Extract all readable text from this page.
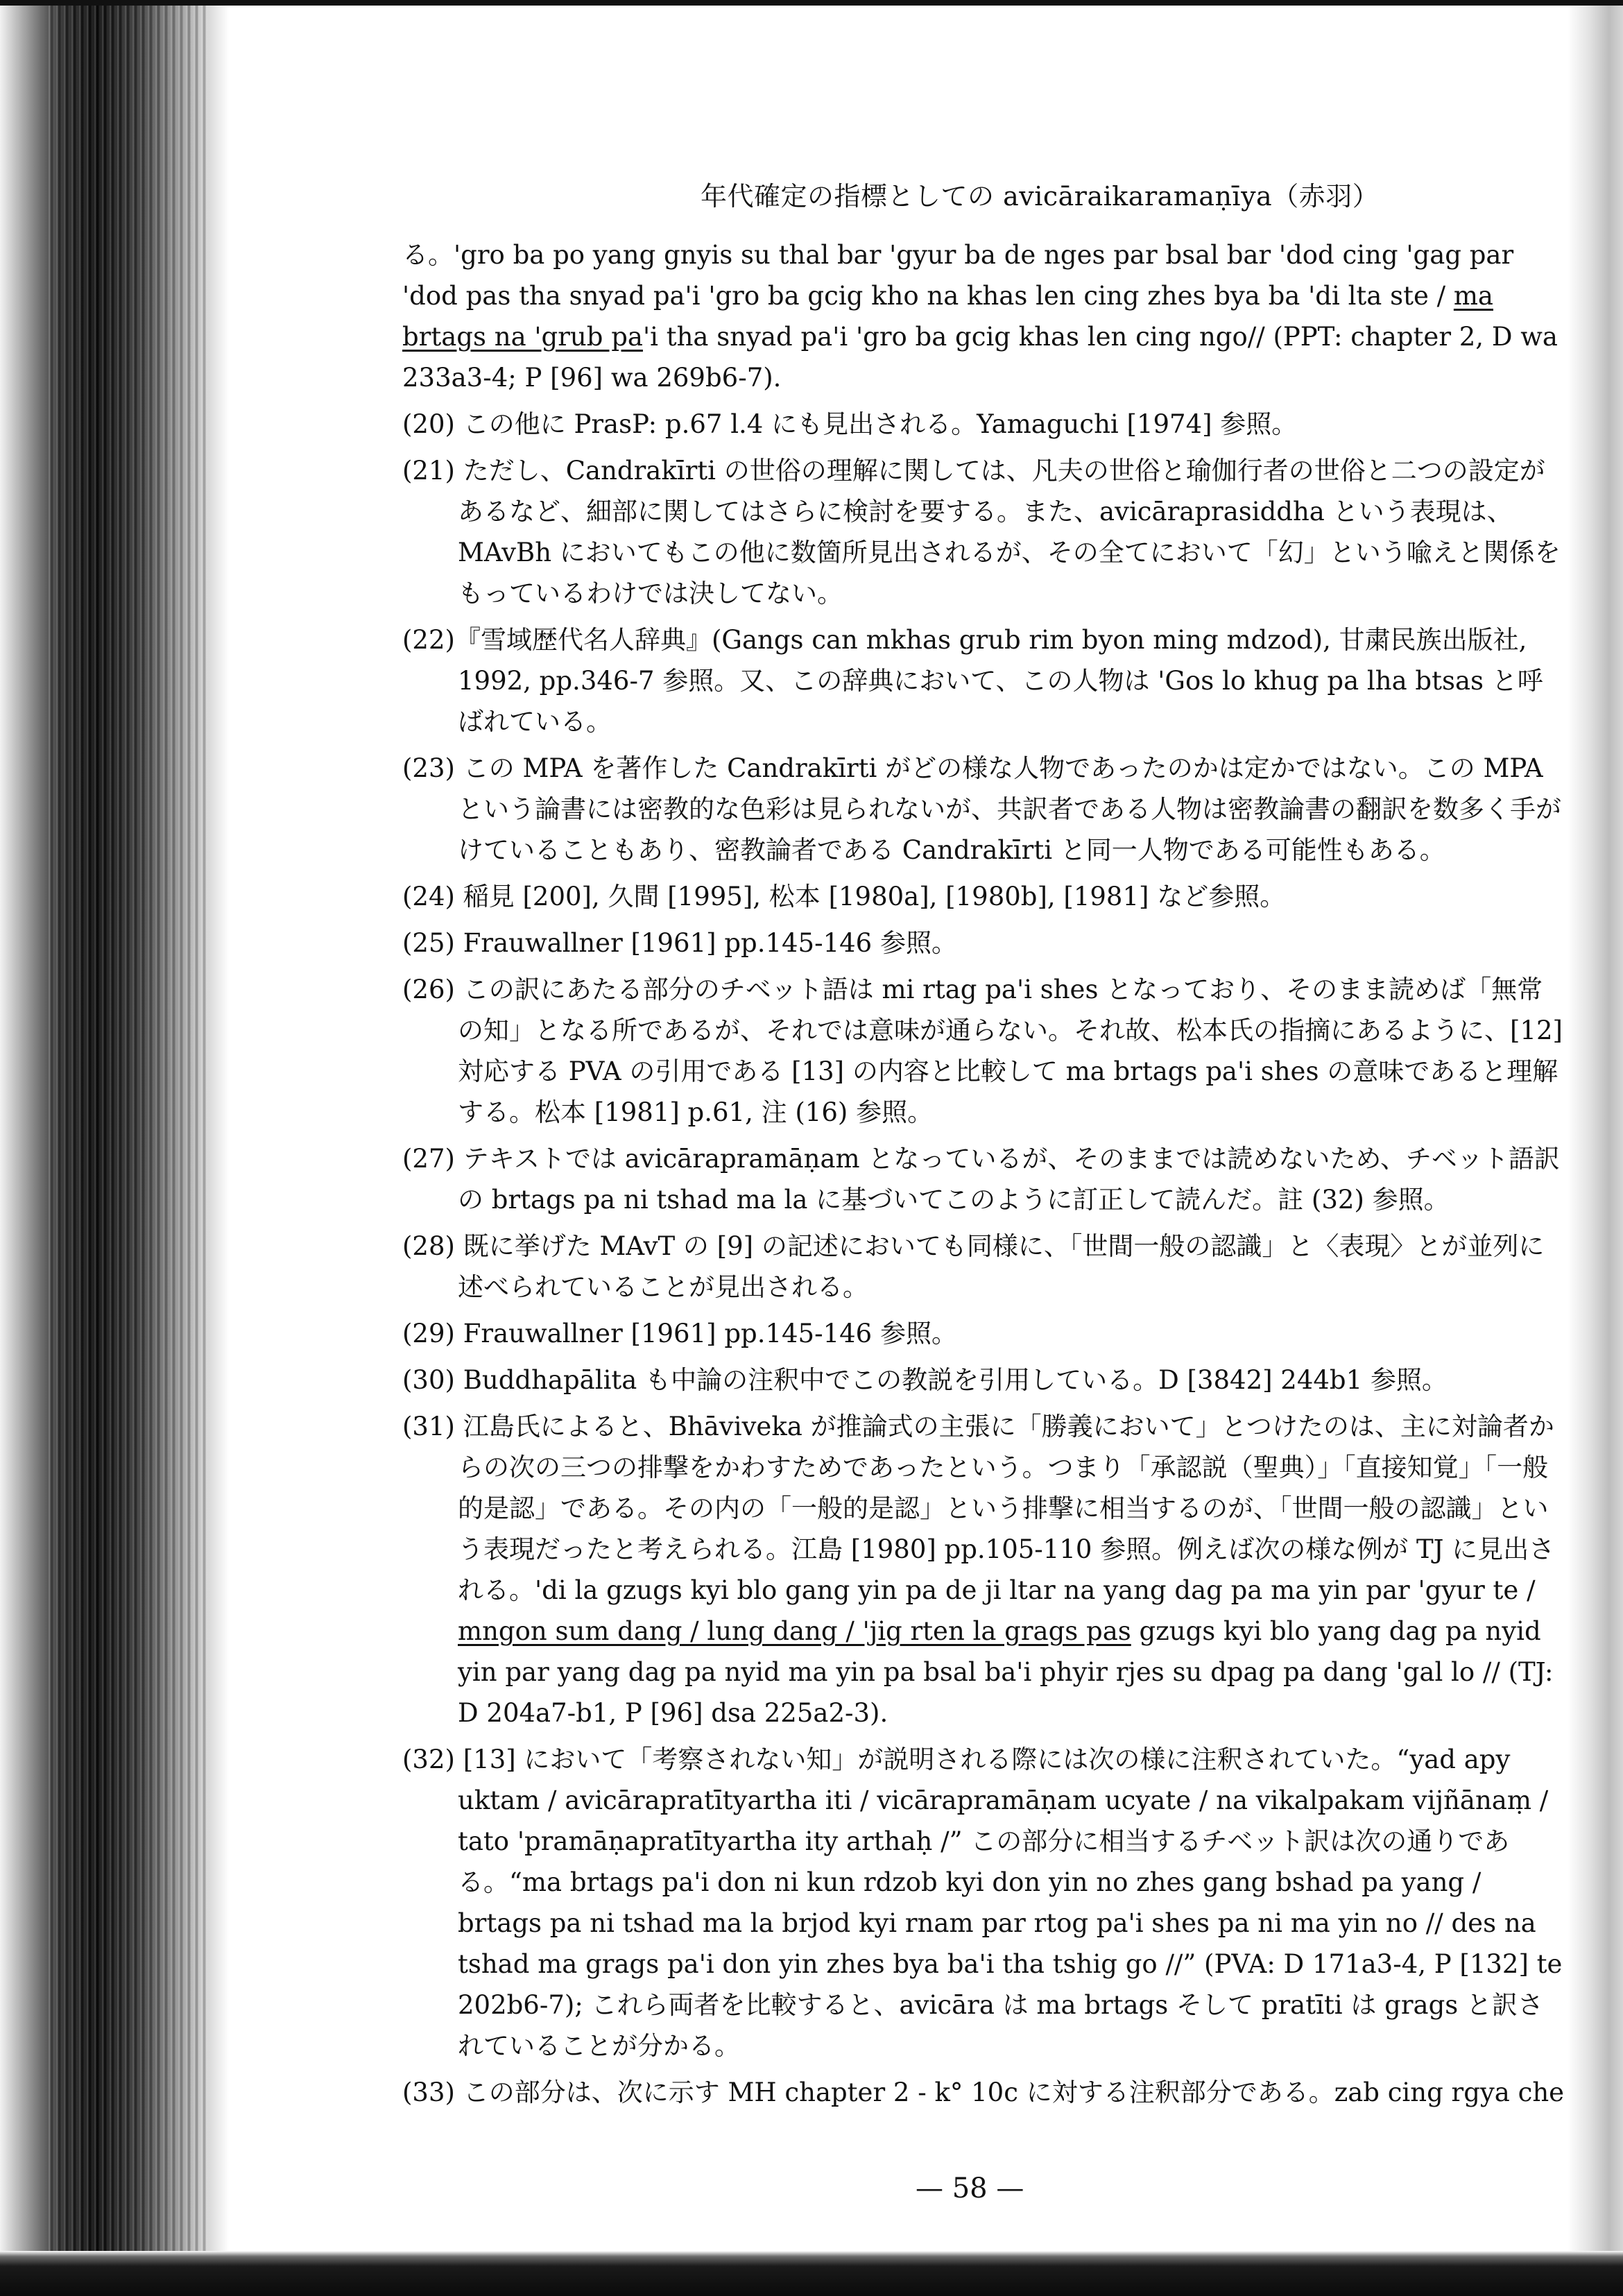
年代確定の指標としての avicāraikaramaṇīya（赤羽）

る。'gro ba po yang gnyis su thal bar 'gyur ba de nges par bsal bar 'dod cing 'gag par 'dod pas tha snyad pa'i 'gro ba gcig kho na khas len cing zhes bya ba 'di lta ste / ma brtags na 'grub pa'i tha snyad pa'i 'gro ba gcig khas len cing ngo// (PPT: chapter 2, D wa 233a3-4; P [96] wa 269b6-7).

(20) この他に PrasP: p.67 l.4 にも見出される。Yamaguchi [1974] 参照。
(21) ただし、Candrakīrti の世俗の理解に関しては、凡夫の世俗と瑜伽行者の世俗と二つの設定があるなど、細部に関してはさらに検討を要する。また、avicāraprasiddha という表現は、MAvBh においてもこの他に数箇所見出されるが、その全てにおいて「幻」という喩えと関係をもっているわけでは決してない。
(22)『雪域歴代名人辞典』(Gangs can mkhas grub rim byon ming mdzod), 甘粛民族出版社, 1992, pp.346-7 参照。又、この辞典において、この人物は 'Gos lo khug pa lha btsas と呼ばれている。
(23) この MPA を著作した Candrakīrti がどの様な人物であったのかは定かではない。この MPA という論書には密教的な色彩は見られないが、共訳者である人物は密教論書の翻訳を数多く手がけていることもあり、密教論者である Candrakīrti と同一人物である可能性もある。
(24) 稲見 [200], 久間 [1995], 松本 [1980a], [1980b], [1981] など参照。
(25) Frauwallner [1961] pp.145-146 参照。
(26) この訳にあたる部分のチベット語は mi rtag pa'i shes となっており、そのまま読めば「無常の知」となる所であるが、それでは意味が通らない。それ故、松本氏の指摘にあるように、[12] 対応する PVA の引用である [13] の内容と比較して ma brtags pa'i shes の意味であると理解する。松本 [1981] p.61, 注 (16) 参照。
(27) テキストでは avicārapramāṇam となっているが、そのままでは読めないため、チベット語訳の brtags pa ni tshad ma la に基づいてこのように訂正して読んだ。註 (32) 参照。
(28) 既に挙げた MAvT の [9] の記述においても同様に、「世間一般の認識」と〈表現〉とが並列に述べられていることが見出される。
(29) Frauwallner [1961] pp.145-146 参照。
(30) Buddhapālita も中論の注釈中でこの教説を引用している。D [3842] 244b1 参照。
(31) 江島氏によると、Bhāviveka が推論式の主張に「勝義において」とつけたのは、主に対論者からの次の三つの排撃をかわすためであったという。つまり「承認説（聖典）」「直接知覚」「一般的是認」である。その内の「一般的是認」という排撃に相当するのが、「世間一般の認識」という表現だったと考えられる。江島 [1980] pp.105-110 参照。例えば次の様な例が TJ に見出される。'di la gzugs kyi blo gang yin pa de ji ltar na yang dag pa ma yin par 'gyur te / mngon sum dang / lung dang / 'jig rten la grags pas gzugs kyi blo yang dag pa nyid yin par yang dag pa nyid ma yin pa bsal ba'i phyir rjes su dpag pa dang 'gal lo // (TJ: D 204a7-b1, P [96] dsa 225a2-3).
(32) [13] において「考察されない知」が説明される際には次の様に注釈されていた。“yad apy uktam / avicārapratītyartha iti / vicārapramāṇam ucyate / na vikalpakam vijñānaṃ / tato 'pramāṇapratītyartha ity arthaḥ /” この部分に相当するチベット訳は次の通りである。“ma brtags pa'i don ni kun rdzob kyi don yin no zhes gang bshad pa yang / brtags pa ni tshad ma la brjod kyi rnam par rtog pa'i shes pa ni ma yin no // des na tshad ma grags pa'i don yin zhes bya ba'i tha tshig go //” (PVA: D 171a3-4, P [132] te 202b6-7); これら両者を比較すると、avicāra は ma brtags そして pratīti は grags と訳されていることが分かる。
(33) この部分は、次に示す MH chapter 2 - k° 10c に対する注釈部分である。zab cing rgya che
— 58 —
